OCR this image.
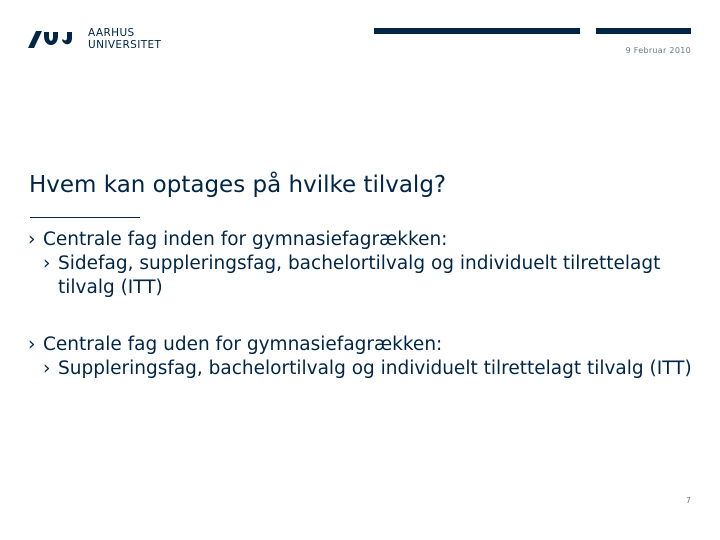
AARHUS
UNIVERSITET	9 Februar 2010
Hvem kan optages på hvilke tilvalg?
› Centrale fag inden for gymnasiefagrækken:
› Sidefag, suppleringsfag, bachelortilvalg og individuelt tilrettelagt tilvalg (ITT)
› Centrale fag uden for gymnasiefagrækken:
› Suppleringsfag, bachelortilvalg og individuelt tilrettelagt tilvalg (ITT)
7
